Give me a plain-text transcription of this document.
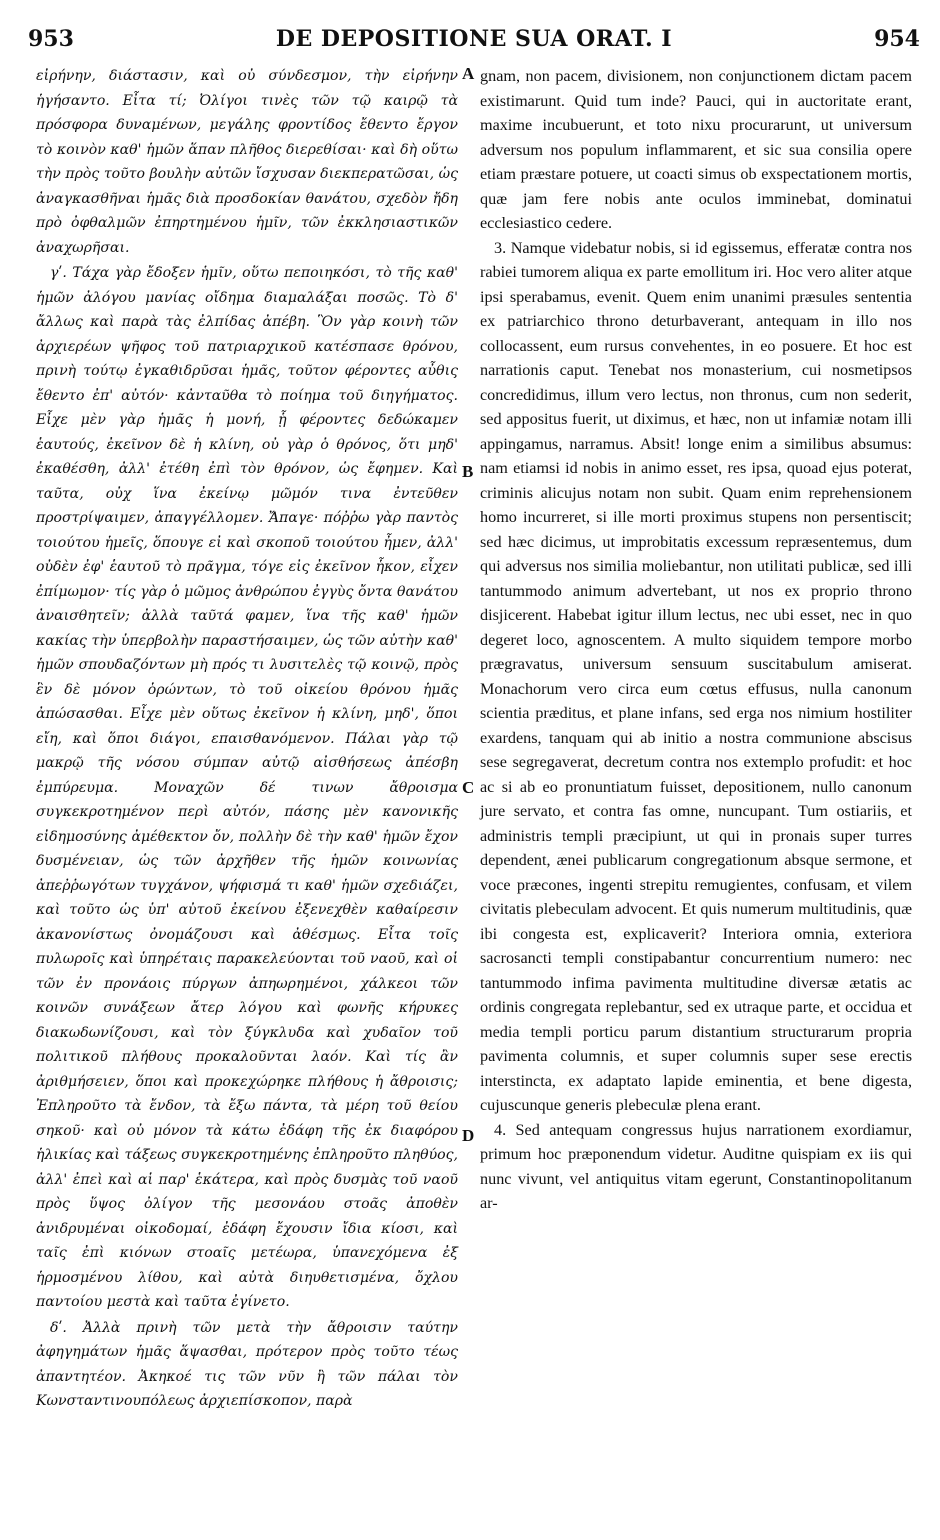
953	DE DEPOSITIONE SUA ORAT. I	954

εἰρήνην, διάστασιν, καὶ οὐ σύνδεσμον, τὴν εἰρήνην ἡγήσαντο. Εἶτα τί; Ὀλίγοι τινὲς τῶν τῷ καιρῷ τὰ πρόσφορα δυναμένων, μεγάλης φροντίδος ἔθεντο ἔργον τὸ κοινὸν καθ' ἡμῶν ἅπαν πλῆθος διερεθίσαι· καὶ δὴ οὕτω τὴν πρὸς τοῦτο βουλὴν αὐτῶν ἴσχυσαν διεκπερατῶσαι, ὡς ἀναγκασθῆναι ἡμᾶς διὰ προσδοκίαν θανάτου, σχεδὸν ἤδη πρὸ ὀφθαλμῶν ἐπηρτημένου ἡμῖν, τῶν ἐκκλησιαστικῶν ἀναχωρῆσαι.

γʹ. Τάχα γὰρ ἔδοξεν ἡμῖν, οὕτω πεποιηκόσι, τὸ τῆς καθ' ἡμῶν ἀλόγου μανίας οἴδημα διαμαλάξαι ποσῶς. Τὸ δ' ἄλλως καὶ παρὰ τὰς ἐλπίδας ἀπέβη. Ὃν γὰρ κοινὴ τῶν ἀρχιερέων ψῆφος τοῦ πατριαρχικοῦ κατέσπασε θρόνου, πρινὴ τούτῳ ἐγκαθιδρῦσαι ἡμᾶς, τοῦτον φέροντες αὖθις ἔθεντο ἐπ' αὐτόν· κἀνταῦθα τὸ ποίημα τοῦ διηγήματος. Εἶχε μὲν γὰρ ἡμᾶς ἡ μονή, ᾗ φέροντες δεδώκαμεν ἑαυτούς, ἐκεῖνον δὲ ἡ κλίνη, οὐ γὰρ ὁ θρόνος, ὅτι μηδ' ἐκαθέσθη, ἀλλ' ἐτέθη ἐπὶ τὸν θρόνον, ὡς ἔφημεν. Καὶ ταῦτα, οὐχ ἵνα ἐκείνῳ μῶμόν τινα ἐντεῦθεν προστρίψαιμεν, ἀπαγγέλλομεν. Ἄπαγε· πόῤῥω γὰρ παντὸς τοιούτου ἡμεῖς, ὅπουγε εἰ καὶ σκοποῦ τοιούτου ἦμεν, ἀλλ' οὐδὲν ἐφ' ἑαυτοῦ τὸ πρᾶγμα, τόγε εἰς ἐκεῖνον ἧκον, εἶχεν ἐπίμωμον· τίς γὰρ ὁ μῶμος ἀνθρώπου ἐγγὺς ὄντα θανάτου ἀναισθητεῖν; ἀλλὰ ταῦτά φαμεν, ἵνα τῆς καθ' ἡμῶν κακίας τὴν ὑπερβολὴν παραστήσαιμεν, ὡς τῶν αὐτὴν καθ' ἡμῶν σπουδαζόντων μὴ πρός τι λυσιτελὲς τῷ κοινῷ, πρὸς ἓν δὲ μόνον ὁρώντων, τὸ τοῦ οἰκείου θρόνου ἡμᾶς ἀπώσασθαι. Εἶχε μὲν οὕτως ἐκεῖνον ἡ κλίνη, μηδ', ὅποι εἴη, καὶ ὅποι διάγοι, επαισθανόμενον. Πάλαι γὰρ τῷ μακρῷ τῆς νόσου σύμπαν αὐτῷ αἰσθήσεως ἀπέσβη ἐμπύρευμα. Μοναχῶν δέ τινων ἄθροισμα συγκεκροτημένον περὶ αὐτόν, πάσης μὲν κανονικῆς εἰδημοσύνης ἀμέθεκτον ὄν, πολλὴν δὲ τὴν καθ' ἡμῶν ἔχον δυσμένειαν, ὡς τῶν ἀρχῆθεν τῆς ἡμῶν κοινωνίας ἀπεῤῥωγότων τυγχάνον, ψήφισμά τι καθ' ἡμῶν σχεδιάζει, καὶ τοῦτο ὡς ὑπ' αὐτοῦ ἐκείνου ἐξενεχθὲν καθαίρεσιν ἀκανονίστως ὀνομάζουσι καὶ ἀθέσμως. Εἶτα τοῖς πυλωροῖς καὶ ὑπηρέταις παρακελεύονται τοῦ ναοῦ, καὶ οἱ τῶν ἐν προνάοις πύργων ἀπηωρημένοι, χάλκεοι τῶν κοινῶν συνάξεων ἄτερ λόγου καὶ φωνῆς κήρυκες διακωδωνίζουσι, καὶ τὸν ξύγκλυδα καὶ χυδαῖον τοῦ πολιτικοῦ πλήθους προκαλοῦνται λαόν. Καὶ τίς ἂν ἀριθμήσειεν, ὅποι καὶ προκεχώρηκε πλήθους ἡ ἄθροισις; Ἐπληροῦτο τὰ ἔνδον, τὰ ἔξω πάντα, τὰ μέρη τοῦ θείου σηκοῦ· καὶ οὐ μόνον τὰ κάτω ἐδάφη τῆς ἐκ διαφόρου ἡλικίας καὶ τάξεως συγκεκροτημένης ἐπληροῦτο πληθύος, ἀλλ' ἐπεὶ καὶ αἱ παρ' ἑκάτερα, καὶ πρὸς δυσμὰς τοῦ ναοῦ πρὸς ὕψος ὀλίγον τῆς μεσονάου στοᾶς ἀποθὲν ἀνιδρυμέναι οἰκοδομαί, ἐδάφη ἔχουσιν ἴδια κίοσι, καὶ ταῖς ἐπὶ κιόνων στοαῖς μετέωρα, ὑπανεχόμενα ἐξ ἡρμοσμένου λίθου, καὶ αὐτὰ διηυθετισμένα, ὄχλου παντοίου μεστὰ καὶ ταῦτα ἐγίνετο.

δʹ. Ἀλλὰ πρινὴ τῶν μετὰ τὴν ἄθροισιν ταύτην ἀφηγημάτων ἡμᾶς ἅψασθαι, πρότερον πρὸς τοῦτο τέως ἀπαντητέον. Ἀκηκοέ τις τῶν νῦν ἢ τῶν πάλαι τὸν Κωνσταντινουπόλεως ἀρχιεπίσκοπον, παρὰ

A
B
C
D

gnam, non pacem, divisionem, non conjunctionem dictam pacem existimarunt. Quid tum inde? Pauci, qui in auctoritate erant, maxime incubuerunt, et toto nixu procurarunt, ut universum adversum nos populum inflammarent, et sic sua consilia opere etiam præstare potuere, ut coacti simus ob exspectationem mortis, quæ jam fere nobis ante oculos imminebat, dominatui ecclesiastico cedere.

3. Namque videbatur nobis, si id egissemus, efferatæ contra nos rabiei tumorem aliqua ex parte emollitum iri. Hoc vero aliter atque ipsi sperabamus, evenit. Quem enim unanimi præsules sententia ex patriarchico throno deturbaverant, antequam in illo nos collocassent, eum rursus convehentes, in eo posuere. Et hoc est narrationis caput. Tenebat nos monasterium, cui nosmetipsos concredidimus, illum vero lectus, non thronus, cum non sederit, sed appositus fuerit, ut diximus, et hæc, non ut infamiæ notam illi appingamus, narramus. Absit! longe enim a similibus absumus: nam etiamsi id nobis in animo esset, res ipsa, quoad ejus poterat, criminis alicujus notam non subit. Quam enim reprehensionem homo incurreret, si ille morti proximus stupens non persentiscit; sed hæc dicimus, ut improbitatis excessum repræsentemus, dum qui adversus nos similia moliebantur, non utilitati publicæ, sed illi tantummodo animum advertebant, ut nos ex proprio throno disjicerent. Habebat igitur illum lectus, nec ubi esset, nec in quo degeret loco, agnoscentem. A multo siquidem tempore morbo prægravatus, universum sensuum suscitabulum amiserat. Monachorum vero circa eum cœtus effusus, nulla canonum scientia præditus, et plane infans, sed erga nos nimium hostiliter exardens, tanquam qui ab initio a nostra communione abscisus sese segregaverat, decretum contra nos extemplo profudit: et hoc ac si ab eo pronuntiatum fuisset, depositionem, nullo canonum jure servato, et contra fas omne, nuncupant. Tum ostiariis, et administris templi præcipiunt, ut qui in pronais super turres dependent, ænei publicarum congregationum absque sermone, et voce præcones, ingenti strepitu remugientes, confusam, et vilem civitatis plebeculam advocent. Et quis numerum multitudinis, quæ ibi congesta est, explicaverit? Interiora omnia, exteriora sacrosancti templi constipabantur concurrentium numero: nec tantummodo infima pavimenta multitudine diversæ ætatis ac ordinis congregata replebantur, sed ex utraque parte, et occidua et media templi porticu parum distantium structurarum propria pavimenta columnis, et super columnis super sese erectis interstincta, ex adaptato lapide eminentia, et bene digesta, cujuscunque generis plebeculæ plena erant.

4. Sed antequam congressus hujus narrationem exordiamur, primum hoc præponendum videtur. Auditne quispiam ex iis qui nunc vivunt, vel antiquitus vitam egerunt, Constantinopolitanum ar-
